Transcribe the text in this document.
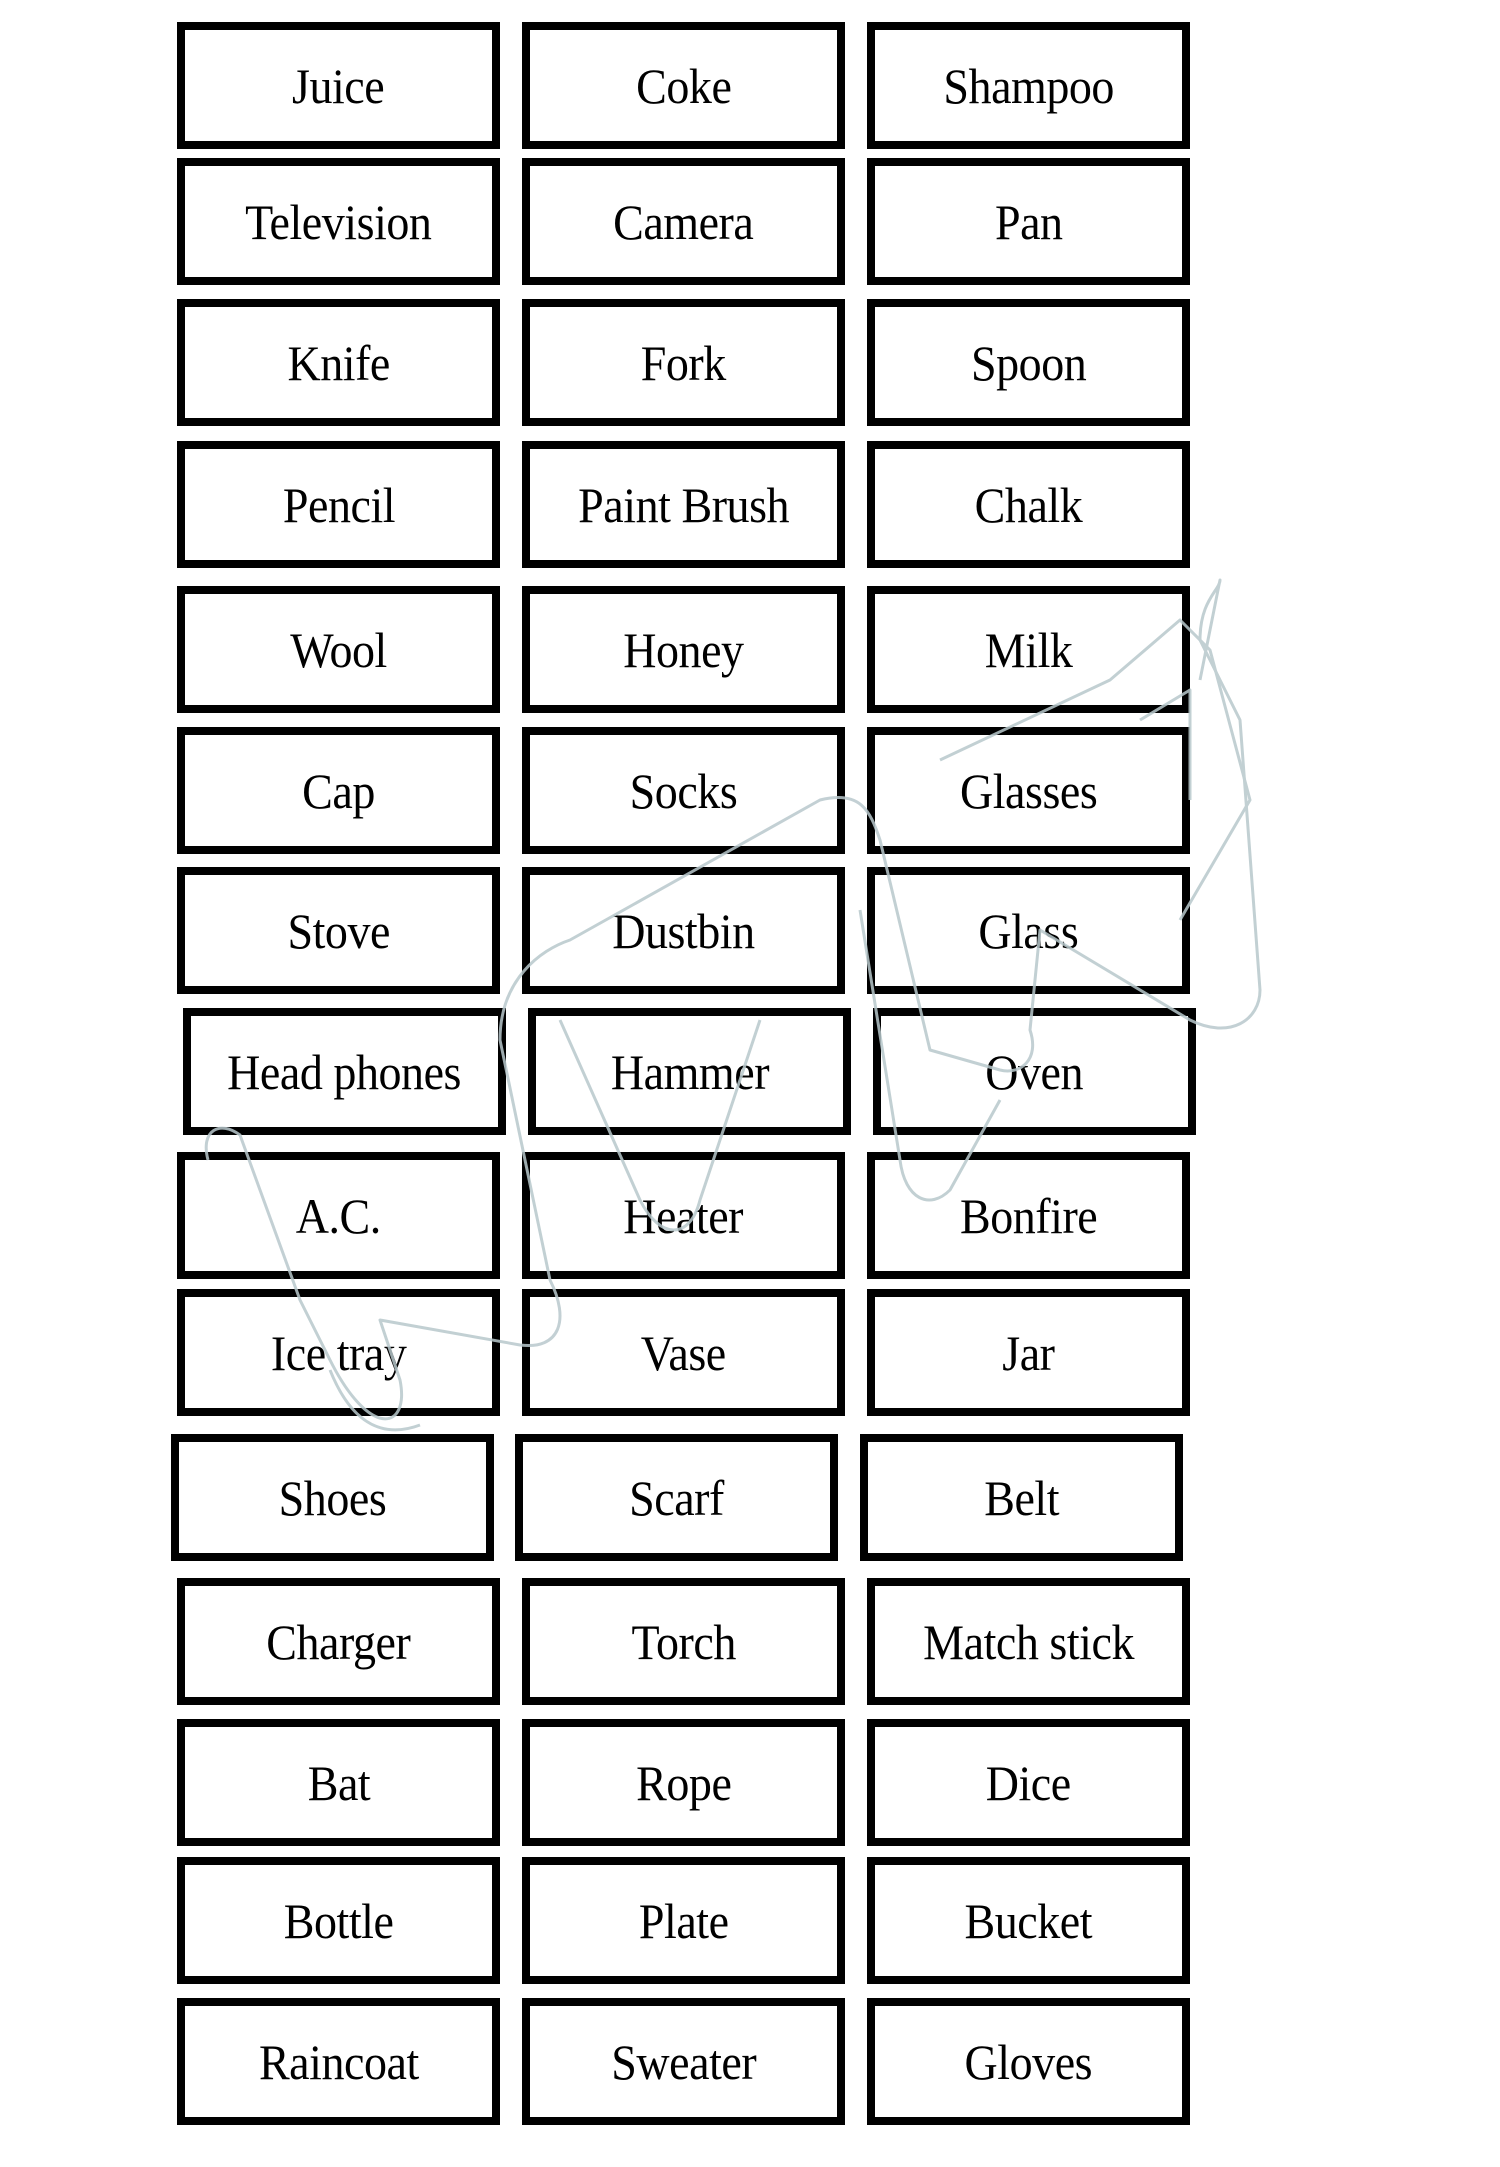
Juice	Coke	Shampoo
Television	Camera	Pan
Knife	Fork	Spoon
Pencil	Paint Brush	Chalk
Wool	Honey	Milk
Cap	Socks	Glasses
Stove	Dustbin	Glass
Head phones	Hammer	Oven
A.C.	Heater	Bonfire
Ice tray	Vase	Jar
Shoes	Scarf	Belt
Charger	Torch	Match stick
Bat	Rope	Dice
Bottle	Plate	Bucket
Raincoat	Sweater	Gloves
